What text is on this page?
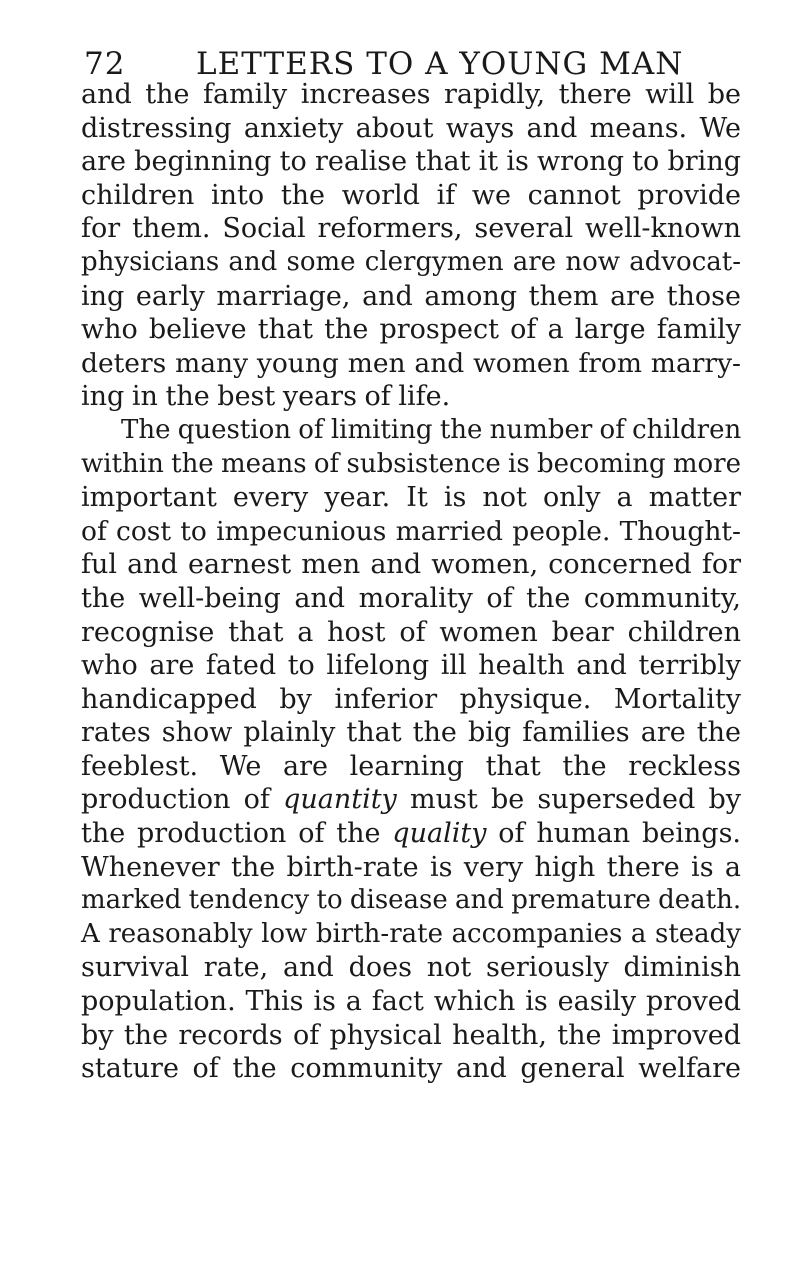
72 LETTERS TO A YOUNG MAN
and the family increases rapidly, there will be
distressing anxiety about ways and means. We
are beginning to realise that it is wrong to bring
children into the world if we cannot provide
for them. Social reformers, several well-known
physicians and some clergymen are now advocat-
ing early marriage, and among them are those
who believe that the prospect of a large family
deters many young men and women from marry-
ing in the best years of life.
The question of limiting the number of children
within the means of subsistence is becoming more
important every year. It is not only a matter
of cost to impecunious married people. Thought-
ful and earnest men and women, concerned for
the well-being and morality of the community,
recognise that a host of women bear children
who are fated to lifelong ill health and terribly
handicapped by inferior physique. Mortality
rates show plainly that the big families are the
feeblest. We are learning that the reckless
production of quantity must be superseded by
the production of the quality of human beings.
Whenever the birth-rate is very high there is a
marked tendency to disease and premature death.
A reasonably low birth-rate accompanies a steady
survival rate, and does not seriously diminish
population. This is a fact which is easily proved
by the records of physical health, the improved
stature of the community and general welfare
